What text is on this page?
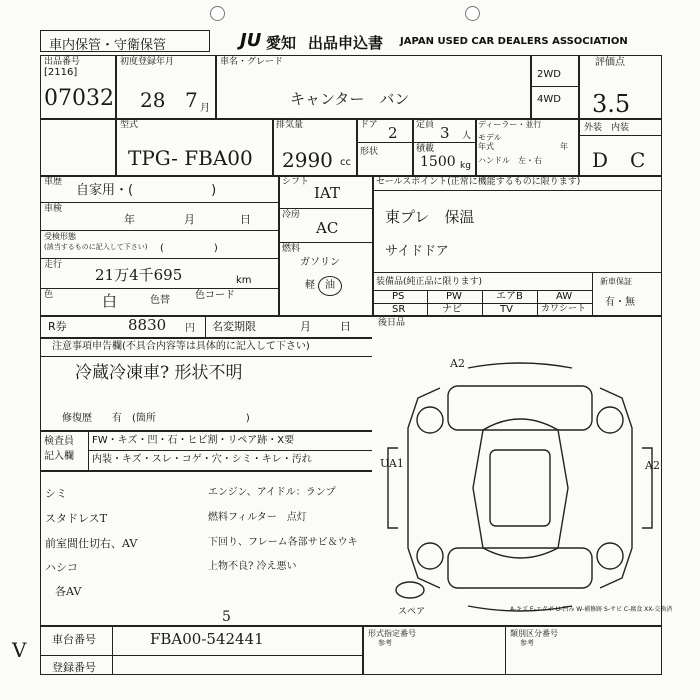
車内保管・守衛保管	JU 愛知 出品申込書 JAPAN USED CAR DEALERS ASSOCIATION
出品番号
[2116]
07032
初度登録年月
28 7 月
車名・グレード
キャンター　バン
2WD
4WD
評価点
3.5
型式
TPG- FBA00
排気量
2990 cc
ドア 2
形状
定員 3 人
積載
1500 kg
ディーラー・並行
モデル
年式	年
ハンドル　左・右
外装　内装
D C
車歴
自家用・(　　　　　　)
車検
年	月	日
受検形態
(該当するものに記入して下さい) (　　　　　)
走行
21万4千695	km
色	白	色替	色コード
シフト
IAT
冷房
AC
燃料
ガソリン
軽　油
セールスポイント(正常に機能するものに限ります)
東プレ　保温
サイドドア
装備品(純正品に限ります)
PS	PW	エアB	AW
SR	ナビ	TV	カワシート
新車保証
有・無
R券	8830 円 名変期限	月	日	後日品
注意事項申告欄(不具合内容等は具体的に記入して下さい)
冷蔵冷凍車? 形状不明
修復歴　　有　(箇所　　　　　　　　　)
検査員
記入欄
FW・キズ・凹・石・ヒビ割・リペア跡・X要
内装・キズ・スレ・コゲ・穴・シミ・キレ・汚れ
シミ
スタドレスT
前室間仕切右、AV
ハシコ
各AV
エンジン、アイドル：ランプ
燃料フィルター　点灯
下回り、フレーム各部サビ＆ウキ
上物不良? 冷え悪い
A2
UA1	A2
スペア
5	A-キズ E-エクボ U-凹み W-補修跡 S-サビ C-腐食 XX-交換済
車台番号	FBA00-542441
登録番号
形式指定番号
参考
類別区分番号
参考
V
